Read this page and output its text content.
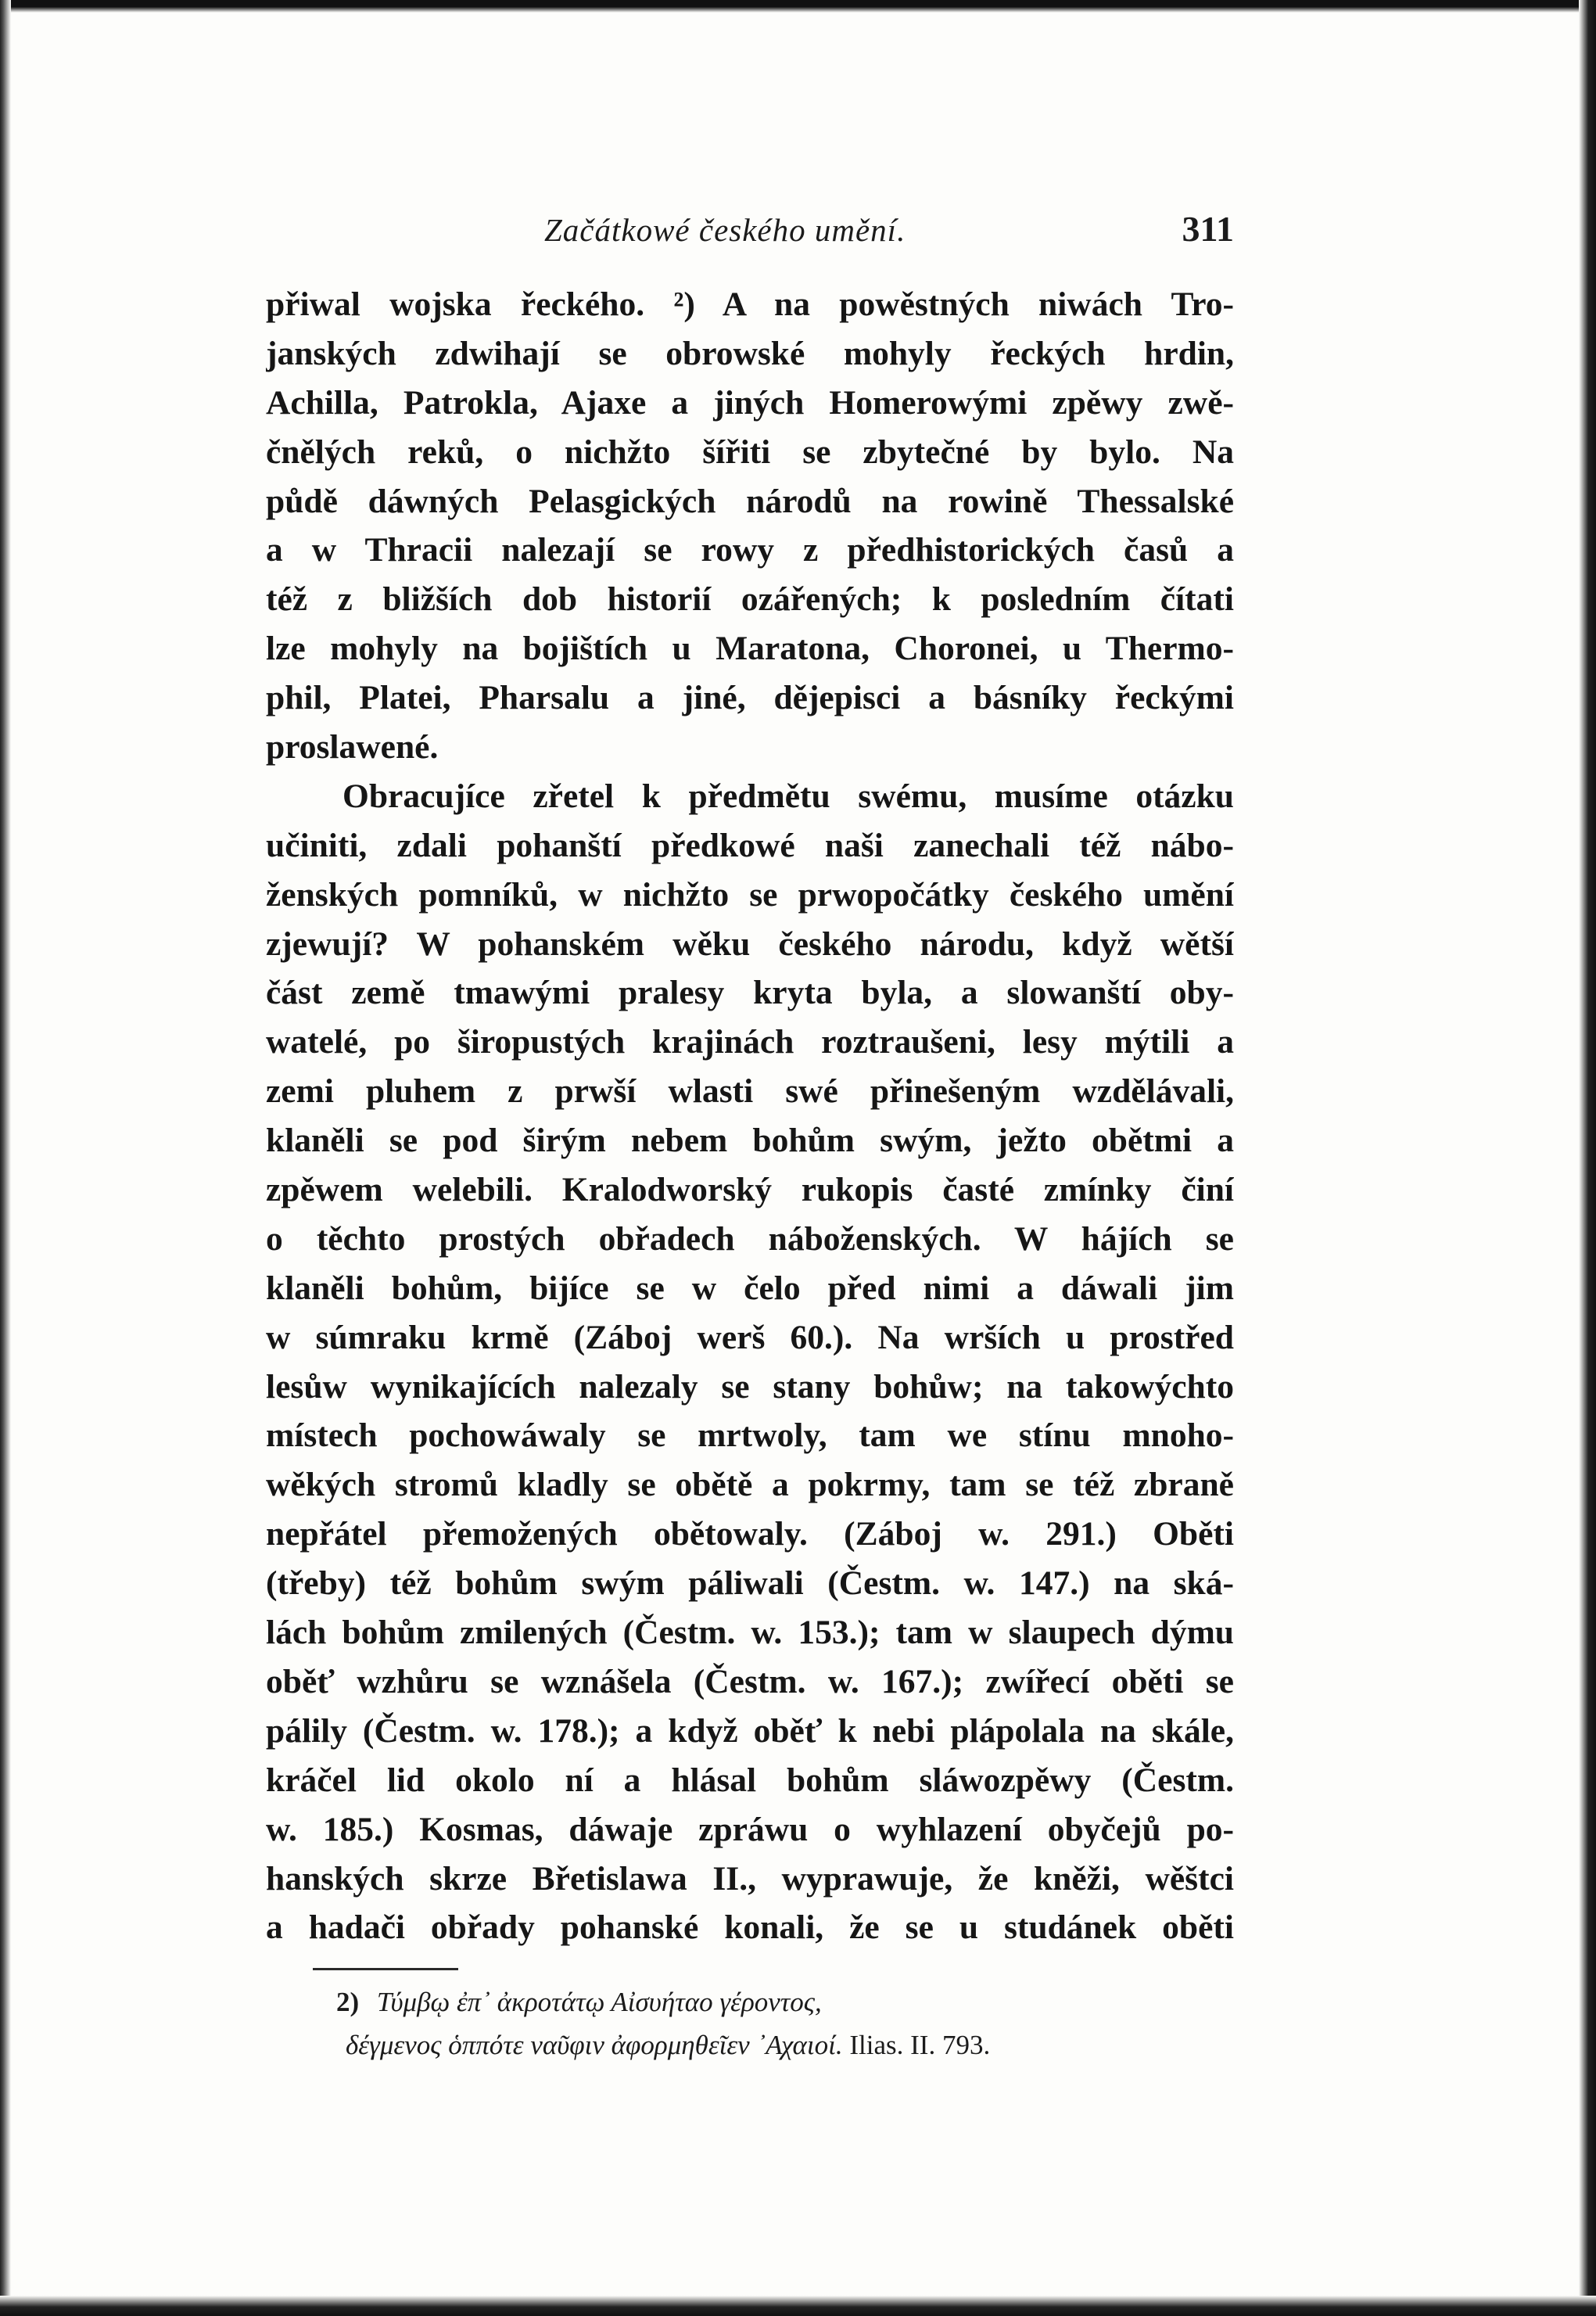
Začátkowé českého umění.	311
přiwal wojska řeckého. ²) A na powěstných niwách Tro-
janských zdwihají se obrowské mohyly řeckých hrdin,
Achilla, Patrokla, Ajaxe a jiných Homerowými zpěwy zwě-
čnělých reků, o nichžto šířiti se zbytečné by bylo. Na
půdě dáwných Pelasgických národů na rowině Thessalské
a w Thracii nalezají se rowy z předhistorických časů a
též z bližších dob historií ozářených; k posledním čítati
lze mohyly na bojištích u Maratona, Choronei, u Thermo-
phil, Platei, Pharsalu a jiné, dějepisci a básníky řeckými
proslawené.
Obracujíce zřetel k předmětu swému, musíme otázku
učiniti, zdali pohanští předkowé naši zanechali též nábo-
ženských pomníků, w nichžto se prwopočátky českého umění
zjewují? W pohanském wěku českého národu, když wětší
část země tmawými pralesy kryta byla, a slowanští oby-
watelé, po širopustých krajinách roztraušeni, lesy mýtili a
zemi pluhem z prwší wlasti swé přinešeným wzdělávali,
klaněli se pod širým nebem bohům swým, ježto obětmi a
zpěwem welebili. Kralodworský rukopis časté zmínky činí
o těchto prostých obřadech náboženských. W hájích se
klaněli bohům, bijíce se w čelo před nimi a dáwali jim
w súmraku krmě (Záboj werš 60.). Na wrších u prostřed
lesůw wynikajících nalezaly se stany bohůw; na takowýchto
místech pochowáwaly se mrtwoly, tam we stínu mnoho-
wěkých stromů kladly se obětě a pokrmy, tam se též zbraně
nepřátel přemožených obětowaly. (Záboj w. 291.) Oběti
(třeby) též bohům swým páliwali (Čestm. w. 147.) na ská-
lách bohům zmilených (Čestm. w. 153.); tam w slaupech dýmu
oběť wzhůru se wznášela (Čestm. w. 167.); zwířecí oběti se
pálily (Čestm. w. 178.); a když oběť k nebi plápolala na skále,
kráčel lid okolo ní a hlásal bohům sláwozpěwy (Čestm.
w. 185.) Kosmas, dáwaje zpráwu o wyhlazení obyčejů po-
hanských skrze Břetislawa II., wyprawuje, že kněži, wěštci
a hadači obřady pohanské konali, že se u studánek oběti
2) Τύμβῳ ἐπ᾽ ἀκροτάτῳ Αἰσυήταο γέροντος,
δέγμενος ὁππότε ναῦφιν ἀφορμηθεῖεν ᾽Αχαιοί. Ilias. II. 793.
